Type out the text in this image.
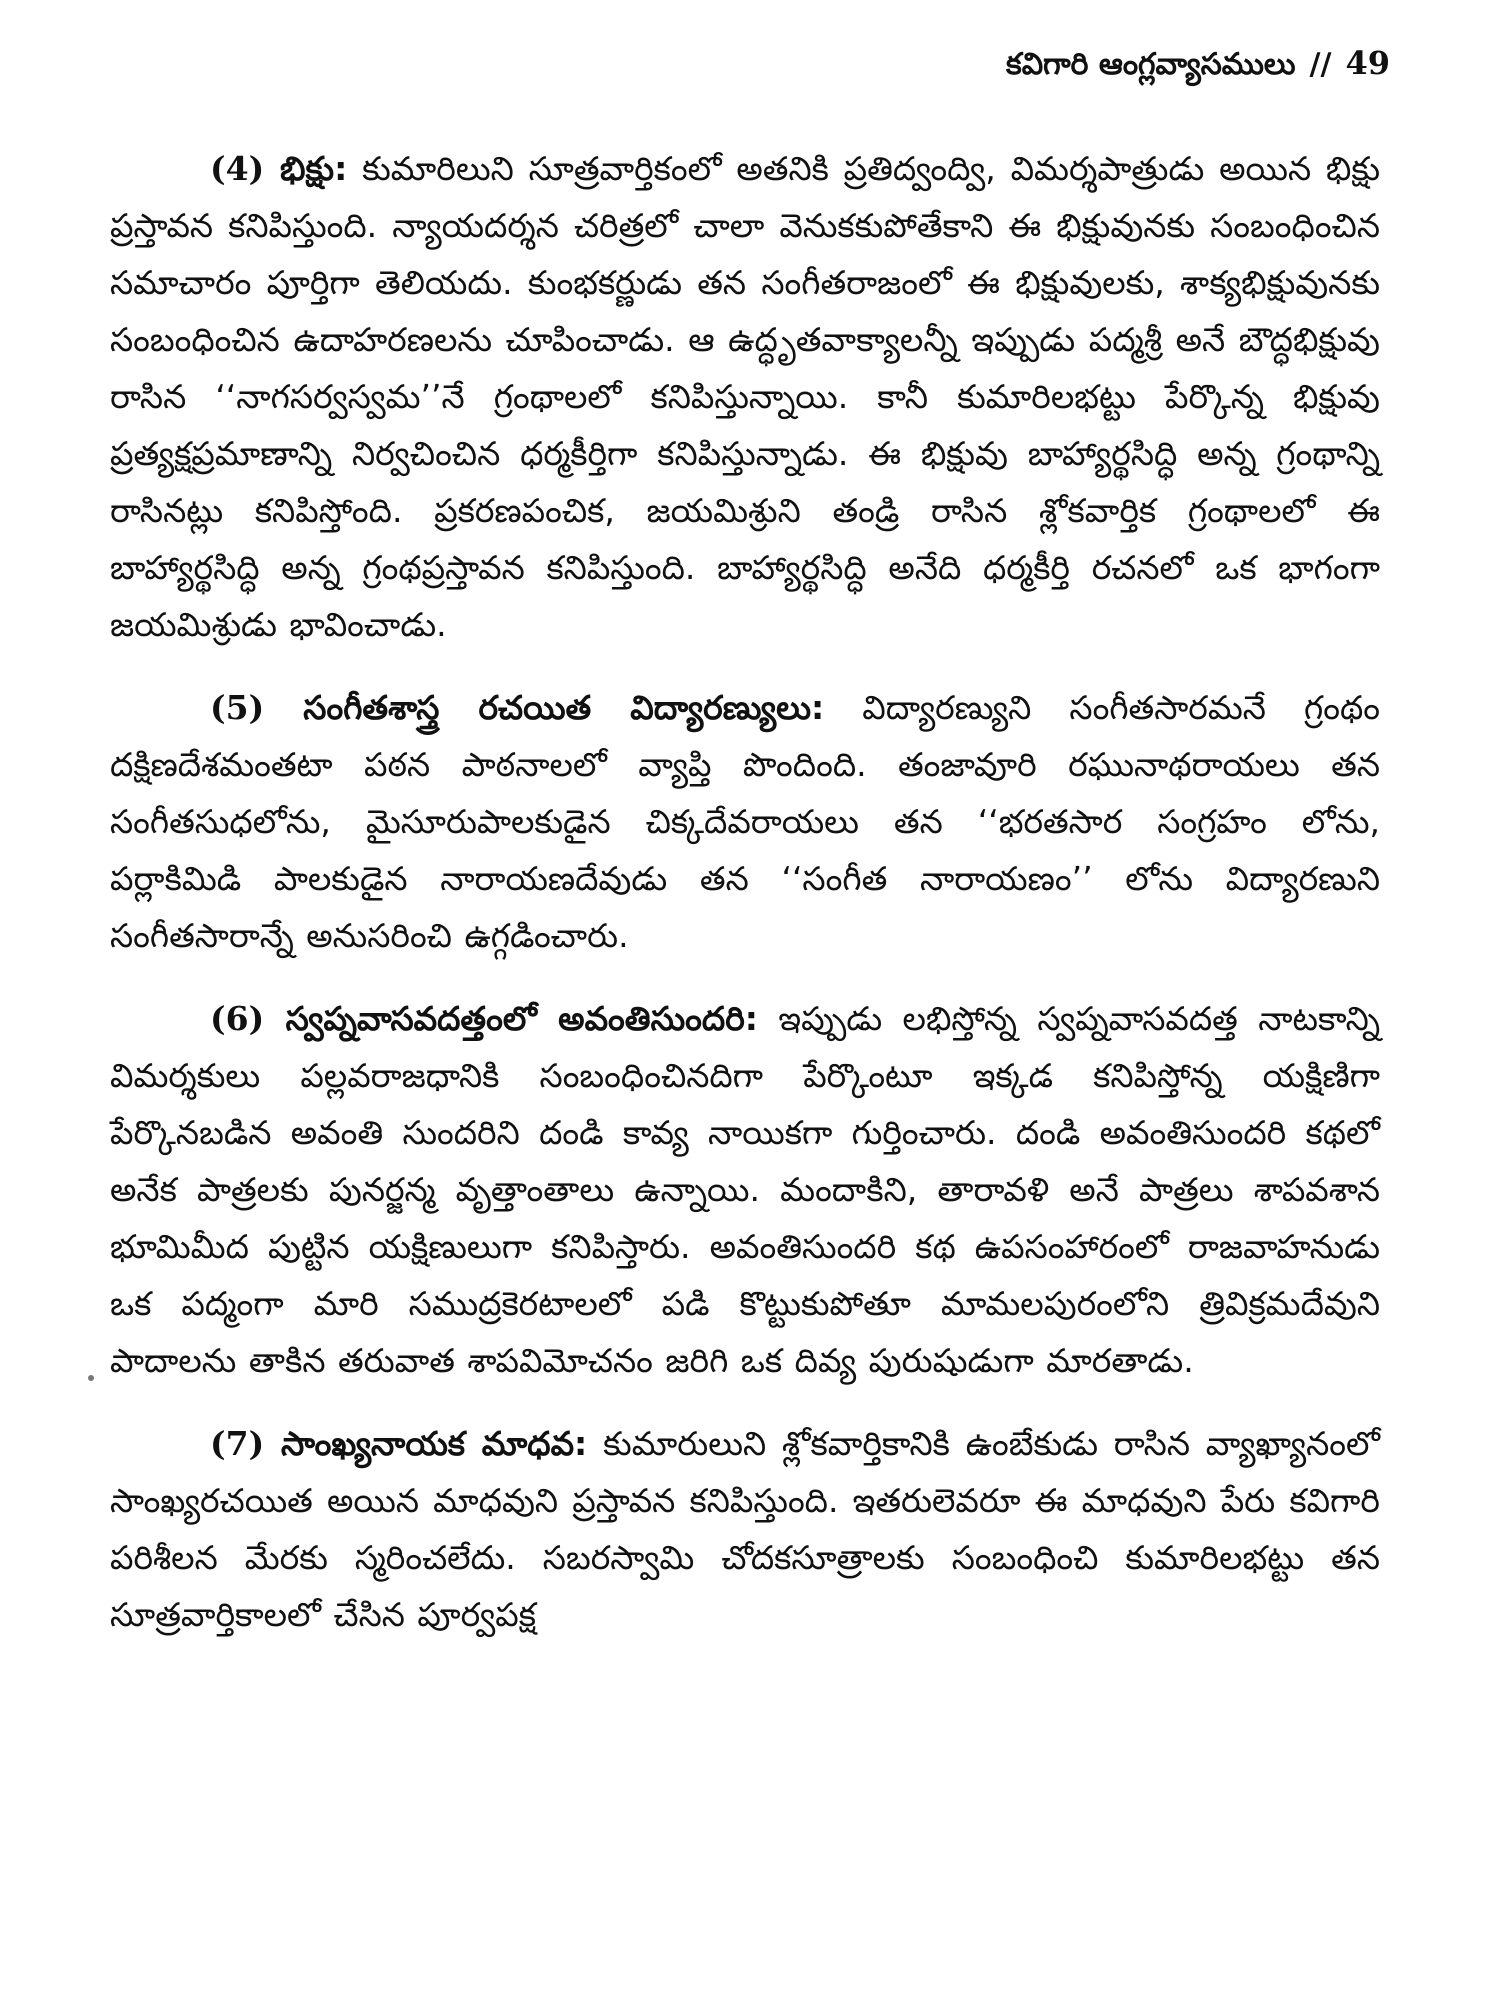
కవిగారి ఆంగ్లవ్యాసములు // 49

(4) భిక్షు: కుమారిలుని సూత్రవార్తికంలో అతనికి ప్రతిద్వంద్వి, విమర్శపాత్రుడు అయిన భిక్షు ప్రస్తావన కనిపిస్తుంది. న్యాయదర్శన చరిత్రలో చాలా వెనుకకుపోతేకాని ఈ భిక్షువునకు సంబంధించిన సమాచారం పూర్తిగా తెలియదు. కుంభకర్ణుడు తన సంగీతరాజంలో ఈ భిక్షువులకు, శాక్యభిక్షువునకు సంబంధించిన ఉదాహరణలను చూపించాడు. ఆ ఉద్ధృతవాక్యాలన్నీ ఇప్పుడు పద్మశ్రీ అనే బౌద్ధభిక్షువు రాసిన ‘‘నాగసర్వస్వమ’’నే గ్రంథాలలో కనిపిస్తున్నాయి. కానీ కుమారిలభట్టు పేర్కొన్న భిక్షువు ప్రత్యక్షప్రమాణాన్ని నిర్వచించిన ధర్మకీర్తిగా కనిపిస్తున్నాడు. ఈ భిక్షువు బాహ్యార్థసిద్ధి అన్న గ్రంథాన్ని రాసినట్లు కనిపిస్తోంది. ప్రకరణపంచిక, జయమిశ్రుని తండ్రి రాసిన శ్లోకవార్తిక గ్రంథాలలో ఈ బాహ్యార్థసిద్ధి అన్న గ్రంథప్రస్తావన కనిపిస్తుంది. బాహ్యార్థసిద్ధి అనేది ధర్మకీర్తి రచనలో ఒక భాగంగా జయమిశ్రుడు భావించాడు.

(5) సంగీతశాస్త్ర రచయిత విద్యారణ్యులు: విద్యారణ్యుని సంగీతసారమనే గ్రంథం దక్షిణదేశమంతటా పఠన పాఠనాలలో వ్యాప్తి పొందింది. తంజావూరి రఘునాథరాయలు తన సంగీతసుధలోను, మైసూరుపాలకుడైన చిక్కదేవరాయలు తన ‘‘భరతసార సంగ్రహం లోను, పర్లాకిమిడి పాలకుడైన నారాయణదేవుడు తన ‘‘సంగీత నారాయణం’’ లోను విద్యారణుని సంగీతసారాన్నే అనుసరించి ఉగ్గడించారు.

(6) స్వప్నవాసవదత్తంలో అవంతిసుందరి: ఇప్పుడు లభిస్తోన్న స్వప్నవాసవదత్త నాటకాన్ని విమర్శకులు పల్లవరాజధానికి సంబంధించినదిగా పేర్కొంటూ ఇక్కడ కనిపిస్తోన్న యక్షిణిగా పేర్కొనబడిన అవంతి సుందరిని దండి కావ్య నాయికగా గుర్తించారు. దండి అవంతిసుందరి కథలో అనేక పాత్రలకు పునర్జన్మ వృత్తాంతాలు ఉన్నాయి. మందాకిని, తారావళి అనే పాత్రలు శాపవశాన భూమిమీద పుట్టిన యక్షిణులుగా కనిపిస్తారు. అవంతిసుందరి కథ ఉపసంహారంలో రాజవాహనుడు ఒక పద్మంగా మారి సముద్రకెరటాలలో పడి కొట్టుకుపోతూ మామలపురంలోని త్రివిక్రమదేవుని పాదాలను తాకిన తరువాత శాపవిమోచనం జరిగి ఒక దివ్య పురుషుడుగా మారతాడు.

(7) సాంఖ్యనాయక మాధవ: కుమారులుని శ్లోకవార్తికానికి ఉంబేకుడు రాసిన వ్యాఖ్యానంలో సాంఖ్యరచయిత అయిన మాధవుని ప్రస్తావన కనిపిస్తుంది. ఇతరులెవరూ ఈ మాధవుని పేరు కవిగారి పరిశీలన మేరకు స్మరించలేదు. సబరస్వామి చోదకసూత్రాలకు సంబంధించి కుమారిలభట్టు తన సూత్రవార్తికాలలో చేసిన పూర్వపక్ష
